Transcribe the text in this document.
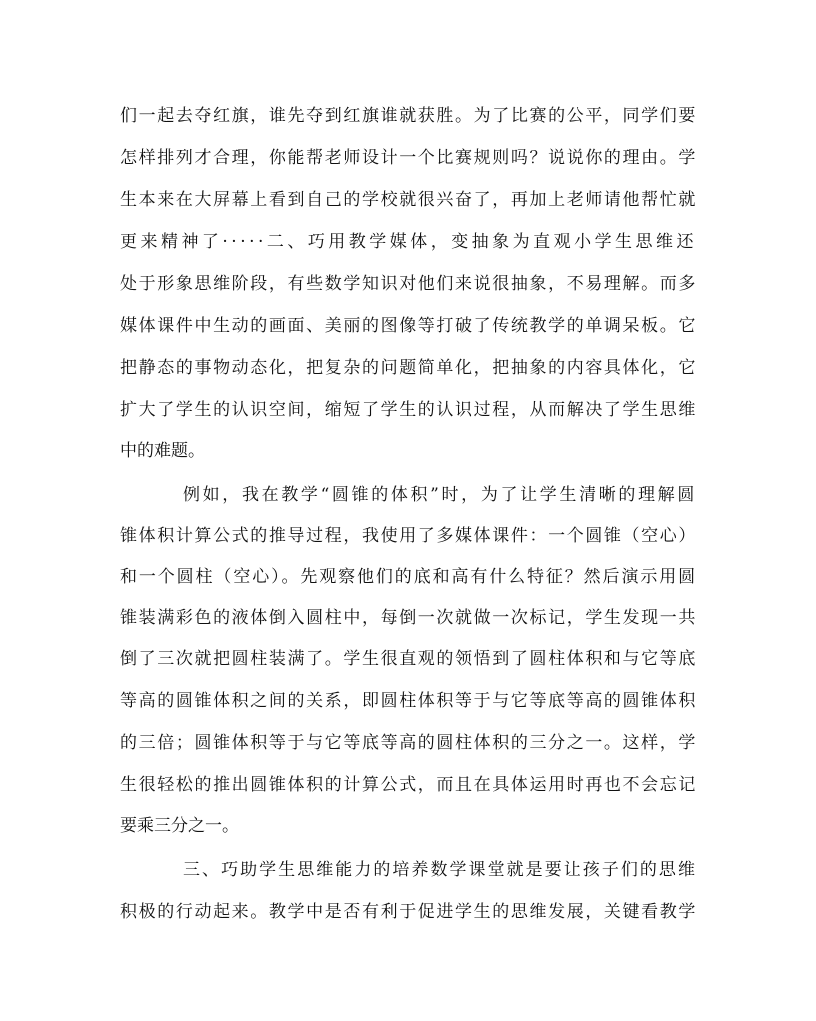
们一起去夺红旗，谁先夺到红旗谁就获胜。为了比赛的公平，同学们要

怎样排列才合理，你能帮老师设计一个比赛规则吗？说说你的理由。学

生本来在大屏幕上看到自己的学校就很兴奋了，再加上老师请他帮忙就

更来精神了·····二、巧用教学媒体，变抽象为直观小学生思维还

处于形象思维阶段，有些数学知识对他们来说很抽象，不易理解。而多

媒体课件中生动的画面、美丽的图像等打破了传统教学的单调呆板。它

把静态的事物动态化，把复杂的问题简单化，把抽象的内容具体化，它

扩大了学生的认识空间，缩短了学生的认识过程，从而解决了学生思维

中的难题。

例如，我在教学“圆锥的体积”时，为了让学生清晰的理解圆

锥体积计算公式的推导过程，我使用了多媒体课件：一个圆锥（空心）

和一个圆柱（空心）。先观察他们的底和高有什么特征？然后演示用圆

锥装满彩色的液体倒入圆柱中，每倒一次就做一次标记，学生发现一共

倒了三次就把圆柱装满了。学生很直观的领悟到了圆柱体积和与它等底

等高的圆锥体积之间的关系，即圆柱体积等于与它等底等高的圆锥体积

的三倍；圆锥体积等于与它等底等高的圆柱体积的三分之一。这样，学

生很轻松的推出圆锥体积的计算公式，而且在具体运用时再也不会忘记

要乘三分之一。

三、巧助学生思维能力的培养数学课堂就是要让孩子们的思维

积极的行动起来。教学中是否有利于促进学生的思维发展，关键看教学
